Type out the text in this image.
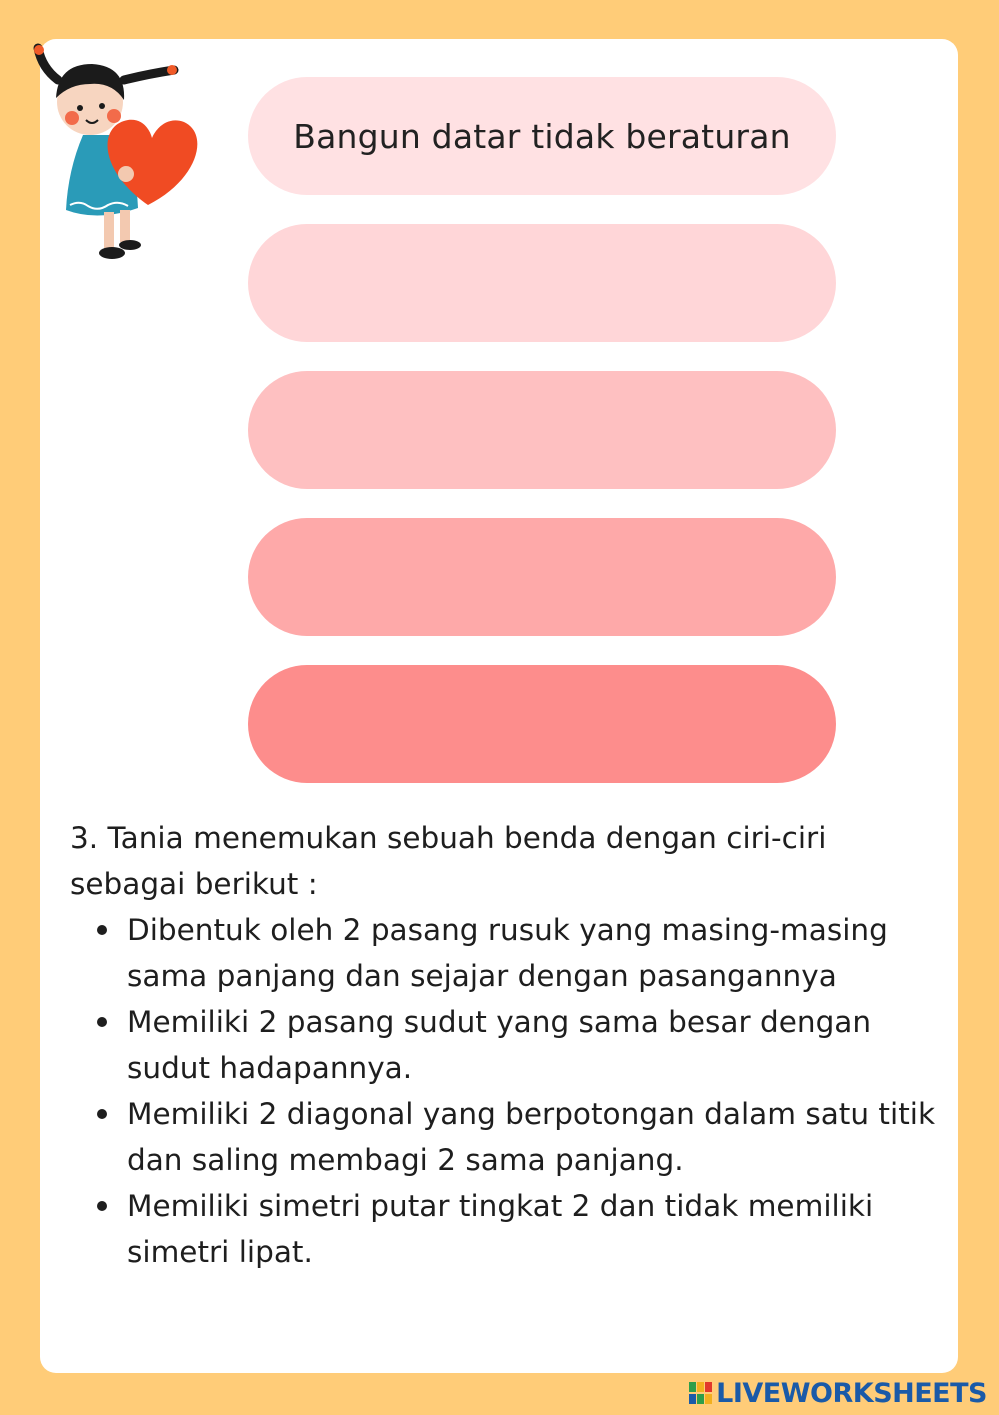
Bangun datar tidak beraturan

3. Tania menemukan sebuah benda dengan ciri-ciri sebagai berikut :

Dibentuk oleh 2 pasang rusuk yang masing-masing sama panjang dan sejajar dengan pasangannya
Memiliki 2 pasang sudut yang sama besar dengan sudut hadapannya.
Memiliki 2 diagonal yang berpotongan dalam satu titik dan saling membagi 2 sama panjang.
Memiliki simetri putar tingkat 2 dan tidak memiliki simetri lipat.
LIVEWORKSHEETS
